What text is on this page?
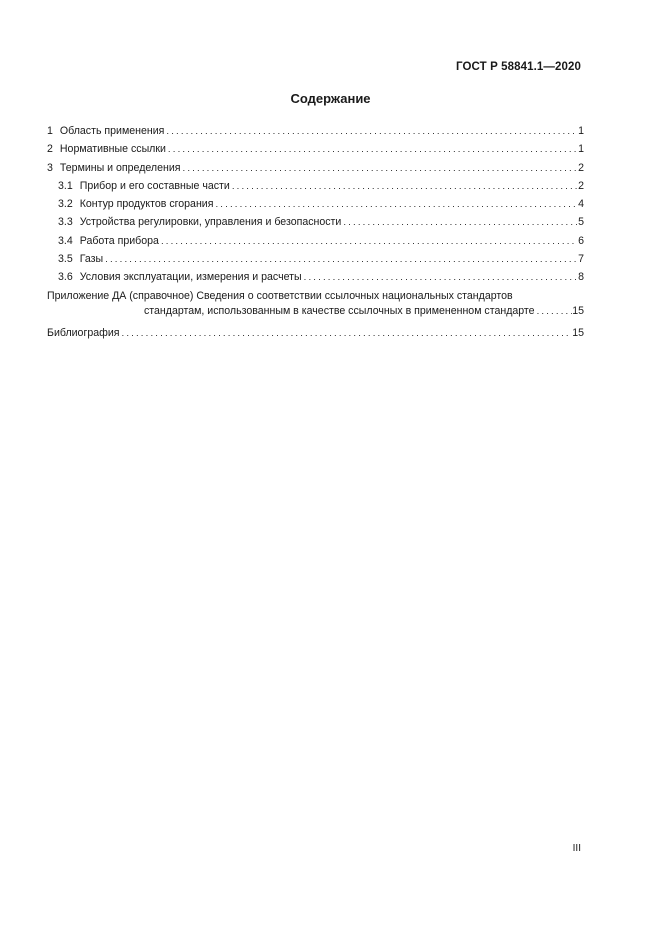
ГОСТ Р 58841.1—2020
Содержание
1 Область применения . . .	1
2 Нормативные ссылки . . .	1
3 Термины и определения . . .	2
3.1 Прибор и его составные части . . .	2
3.2 Контур продуктов сгорания . . .	4
3.3 Устройства регулировки, управления и безопасности . . .	5
3.4 Работа прибора . . .	6
3.5 Газы . . .	7
3.6 Условия эксплуатации, измерения и расчеты . . .	8
Приложение ДА (справочное) Сведения о соответствии ссылочных национальных стандартов
стандартам, использованным в качестве ссылочных в примененном стандарте . . .	15
Библиография . . .	15
III
